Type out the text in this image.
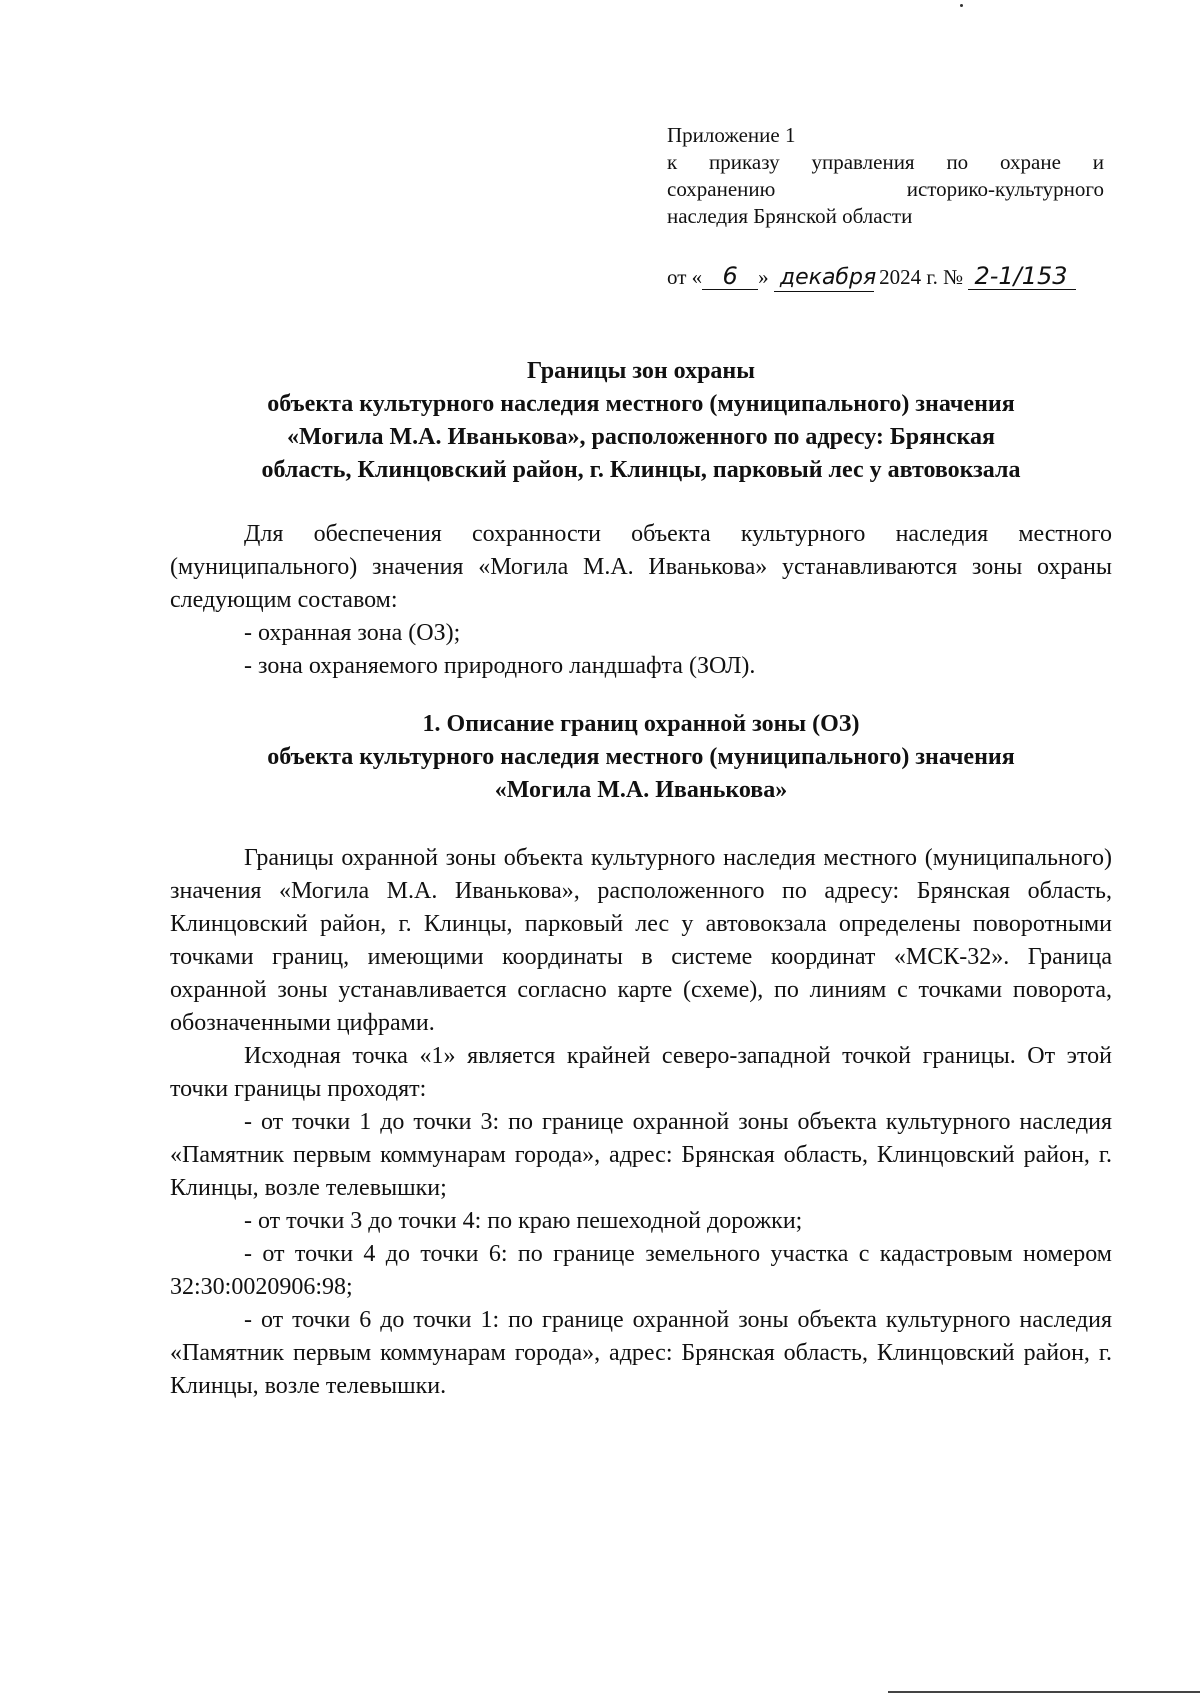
Приложение 1
к приказу управления по охране и
сохранению историко-культурного
наследия Брянской области
от « 6 » декабря 2024 г. № 2-1/153
Границы зон охраны
объекта культурного наследия местного (муниципального) значения
«Могила М.А. Иванькова», расположенного по адресу: Брянская
область, Клинцовский район, г. Клинцы, парковый лес у автовокзала

Для обеспечения сохранности объекта культурного наследия местного (муниципального) значения «Могила М.А. Иванькова» устанавливаются зоны охраны следующим составом:

- охранная зона (ОЗ);

- зона охраняемого природного ландшафта (ЗОЛ).

1. Описание границ охранной зоны (ОЗ)
объекта культурного наследия местного (муниципального) значения
«Могила М.А. Иванькова»

Границы охранной зоны объекта культурного наследия местного (муниципального) значения «Могила М.А. Иванькова», расположенного по адресу: Брянская область, Клинцовский район, г. Клинцы, парковый лес у автовокзала определены поворотными точками границ, имеющими координаты в системе координат «МСК-32». Граница охранной зоны устанавливается согласно карте (схеме), по линиям с точками поворота, обозначенными цифрами.

Исходная точка «1» является крайней северо-западной точкой границы. От этой точки границы проходят:

- от точки 1 до точки 3: по границе охранной зоны объекта культурного наследия «Памятник первым коммунарам города», адрес: Брянская область, Клинцовский район, г. Клинцы, возле телевышки;

- от точки 3 до точки 4: по краю пешеходной дорожки;

- от точки 4 до точки 6: по границе земельного участка с кадастровым номером 32:30:0020906:98;

- от точки 6 до точки 1: по границе охранной зоны объекта культурного наследия «Памятник первым коммунарам города», адрес: Брянская область, Клинцовский район, г. Клинцы, возле телевышки.
